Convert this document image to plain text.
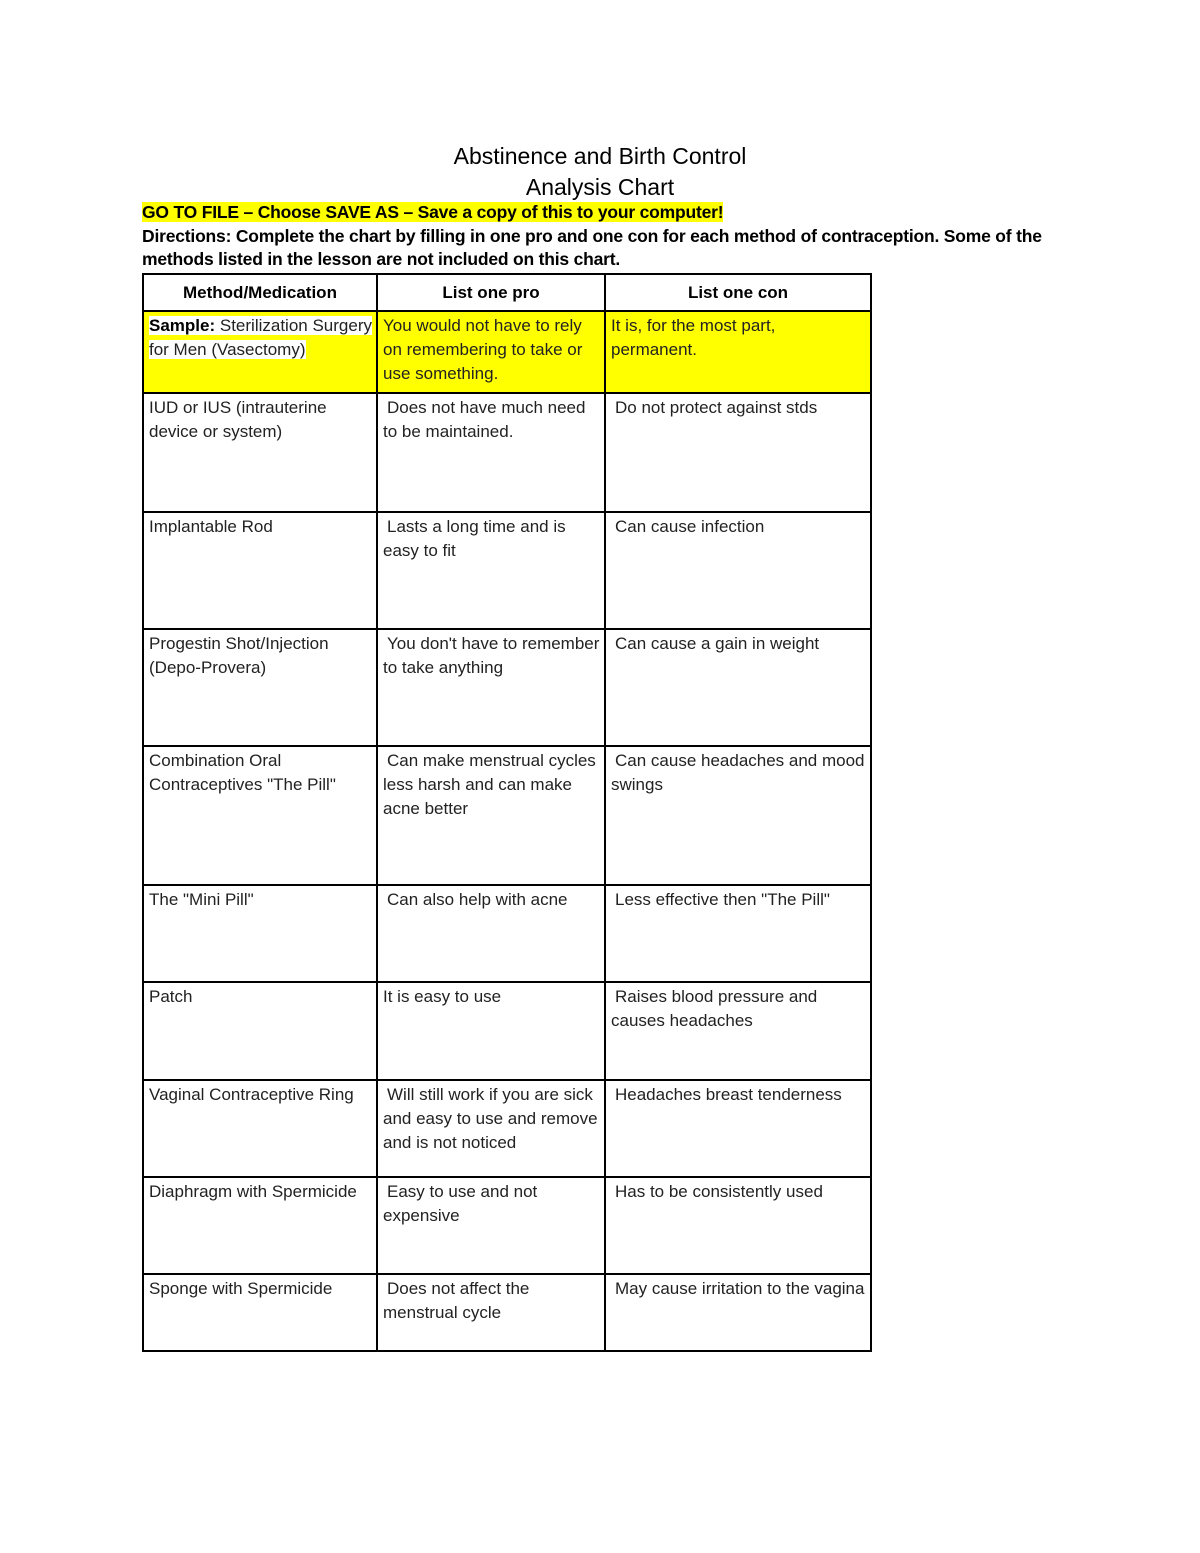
Abstinence and Birth Control
Analysis Chart
GO TO FILE – Choose SAVE AS – Save a copy of this to your computer!
Directions: Complete the chart by filling in one pro and one con for each method of contraception. Some of the methods listed in the lesson are not included on this chart.
Method/Medication	List one pro	List one con
Sample: Sterilization Surgery for Men (Vasectomy)	You would not have to rely on remembering to take or use something.	It is, for the most part, permanent.
IUD or IUS (intrauterine device or system)	Does not have much need to be maintained.	Do not protect against stds
Implantable Rod	Lasts a long time and is easy to fit	Can cause infection
Progestin Shot/Injection (Depo-Provera)	You don't have to remember to take anything	Can cause a gain in weight
Combination Oral Contraceptives "The Pill"	Can make menstrual cycles less harsh and can make acne better	Can cause headaches and mood swings
The "Mini Pill"	Can also help with acne	Less effective then "The Pill"
Patch	It is easy to use	Raises blood pressure and causes headaches
Vaginal Contraceptive Ring	Will still work if you are sick and easy to use and remove and is not noticed	Headaches breast tenderness
Diaphragm with Spermicide	Easy to use and not expensive	Has to be consistently used
Sponge with Spermicide	Does not affect the menstrual cycle	May cause irritation to the vagina
